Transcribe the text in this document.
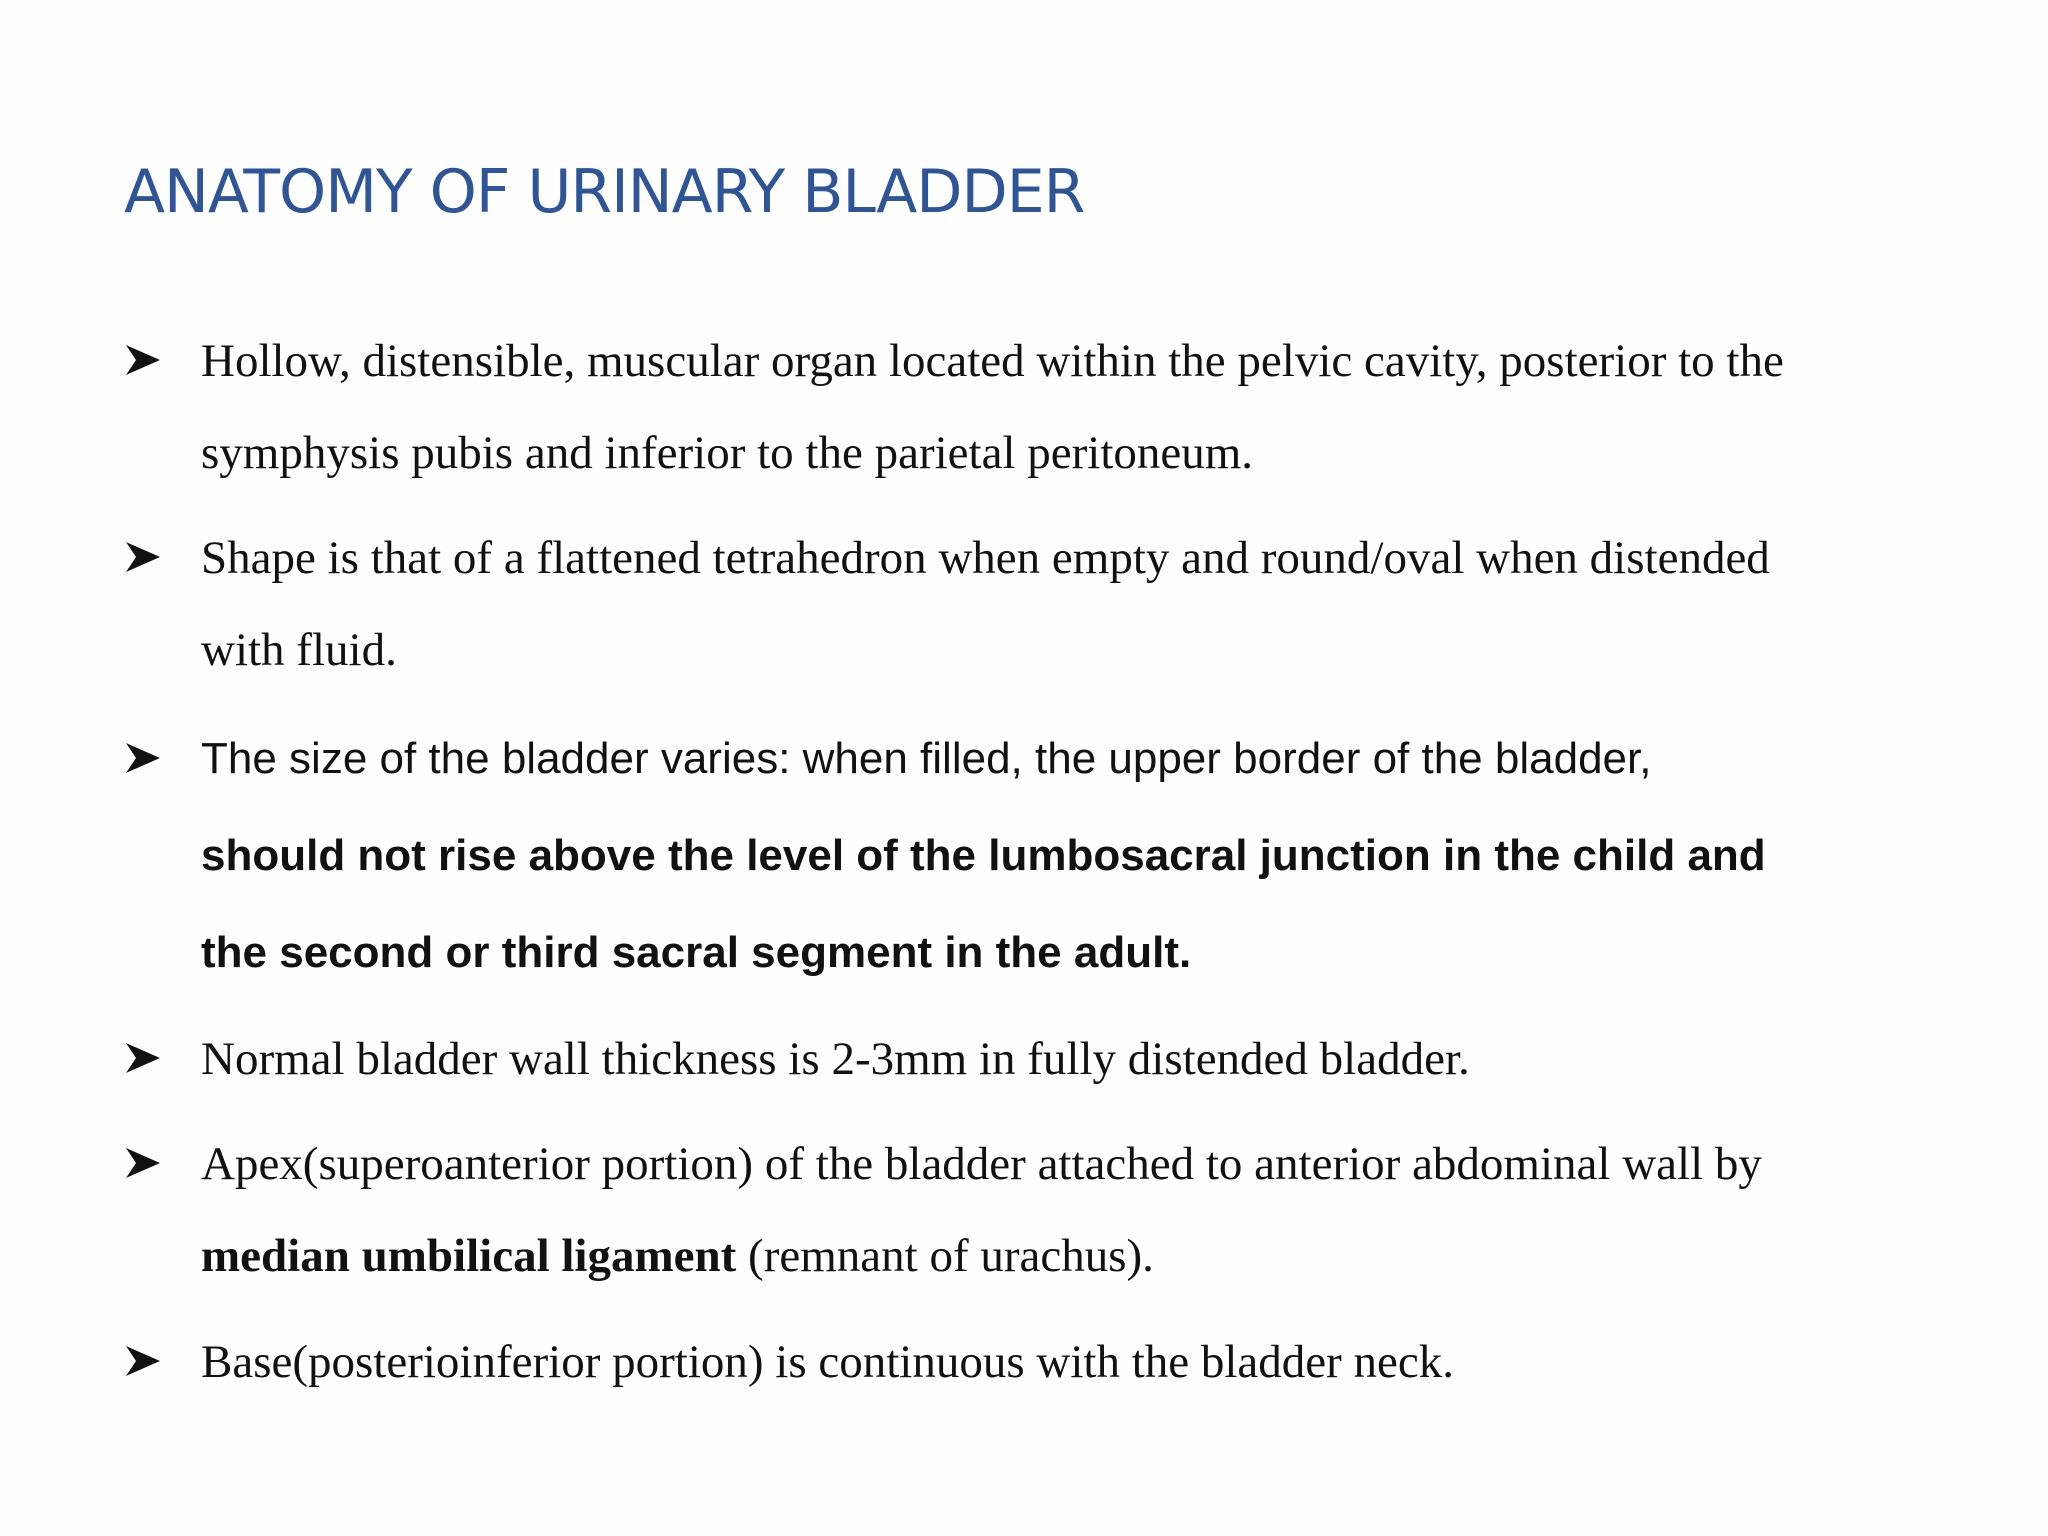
ANATOMY OF URINARY BLADDER
Hollow, distensible, muscular organ located within the pelvic cavity, posterior to the
symphysis pubis and inferior to the parietal peritoneum.
Shape is that of a flattened tetrahedron when empty and round/oval when distended
with fluid.
The size of the bladder varies: when filled, the upper border of the bladder,
should not rise above the level of the lumbosacral junction in the child and
the second or third sacral segment in the adult.
Normal bladder wall thickness is 2-3mm in fully distended bladder.
Apex(superoanterior portion) of the bladder attached to anterior abdominal wall by
median umbilical ligament (remnant of urachus).
Base(posterioinferior portion) is continuous with the bladder neck.
